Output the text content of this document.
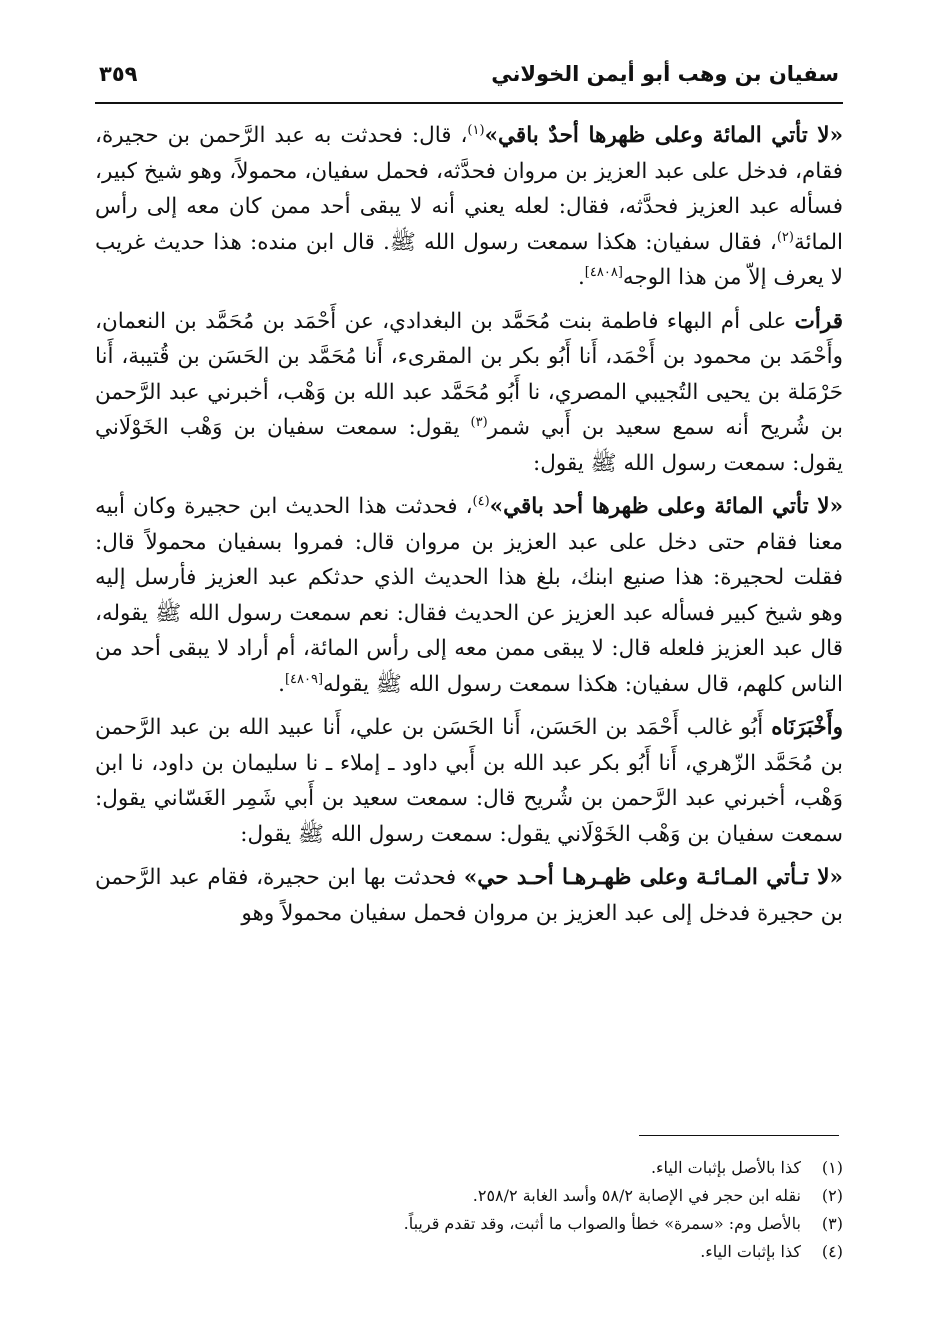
سفيان بن وهب أبو أيمن الخولاني
٣٥٩

«لا تأتي المائة وعلى ظهرها أحدٌ باقي»$^{(١)}$، قال: فحدثت به عبد الرَّحمن بن حجيرة، فقام، فدخل على عبد العزيز بن مروان فحدَّثه، فحمل سفيان، محمولاً، وهو شيخ كبير، فسأله عبد العزيز فحدَّثه، فقال: لعله يعني أنه لا يبقى أحد ممن كان معه إلى رأس المائة$^{(٢)}$، فقال سفيان: هكذا سمعت رسول الله ﷺ. قال ابن منده: هذا حديث غريب لا يعرف إلاّ من هذا الوجه[٤٨٠٨].

قرأت على أم البهاء فاطمة بنت مُحَمَّد بن البغدادي، عن أَحْمَد بن مُحَمَّد بن النعمان، وأَحْمَد بن محمود بن أَحْمَد، أَنا أَبُو بكر بن المقرىء، أَنا مُحَمَّد بن الحَسَن بن قُتيبة، أَنا حَرْمَلة بن يحيى التُجيبي المصري، نا أَبُو مُحَمَّد عبد الله بن وَهْب، أخبرني عبد الرَّحمن بن شُريح أنه سمع سعيد بن أَبي شمر$^{(٣)}$ يقول: سمعت سفيان بن وَهْب الخَوْلَاني يقول: سمعت رسول الله ﷺ يقول:

«لا تأتي المائة وعلى ظهرها أحد باقي»$^{(٤)}$، فحدثت هذا الحديث ابن حجيرة وكان أبيه معنا فقام حتى دخل على عبد العزيز بن مروان قال: فمروا بسفيان محمولاً قال: فقلت لحجيرة: هذا صنيع ابنك، بلغ هذا الحديث الذي حدثكم عبد العزيز فأرسل إليه وهو شيخ كبير فسأله عبد العزيز عن الحديث فقال: نعم سمعت رسول الله ﷺ يقوله، قال عبد العزيز فلعله قال: لا يبقى ممن معه إلى رأس المائة، أم أراد لا يبقى أحد من الناس كلهم، قال سفيان: هكذا سمعت رسول الله ﷺ يقوله[٤٨٠٩].

وأَخْبَرَنَاه أَبُو غالب أَحْمَد بن الحَسَن، أَنا الحَسَن بن علي، أَنا عبيد الله بن عبد الرَّحمن بن مُحَمَّد الزّهري، أَنا أَبُو بكر عبد الله بن أَبي داود ـ إملاء ـ نا سليمان بن داود، نا ابن وَهْب، أخبرني عبد الرَّحمن بن شُريح قال: سمعت سعيد بن أَبي شَمِر الغَسّاني يقول: سمعت سفيان بن وَهْب الخَوْلَاني يقول: سمعت رسول الله ﷺ يقول:

«لا تـأتي المـائـة وعلى ظهـرهـا أحـد حي» فحدثت بها ابن حجيرة، فقام عبد الرَّحمن بن حجيرة فدخل إلى عبد العزيز بن مروان فحمل سفيان محمولاً وهو

(١)
كذا بالأصل بإثبات الياء.
(٢)
نقله ابن حجر في الإصابة ٥٨/٢ وأسد الغابة ٢٥٨/٢.
(٣)
بالأصل وم: «سمرة» خطأ والصواب ما أثبت، وقد تقدم قريباً.
(٤)
كذا بإثبات الياء.
